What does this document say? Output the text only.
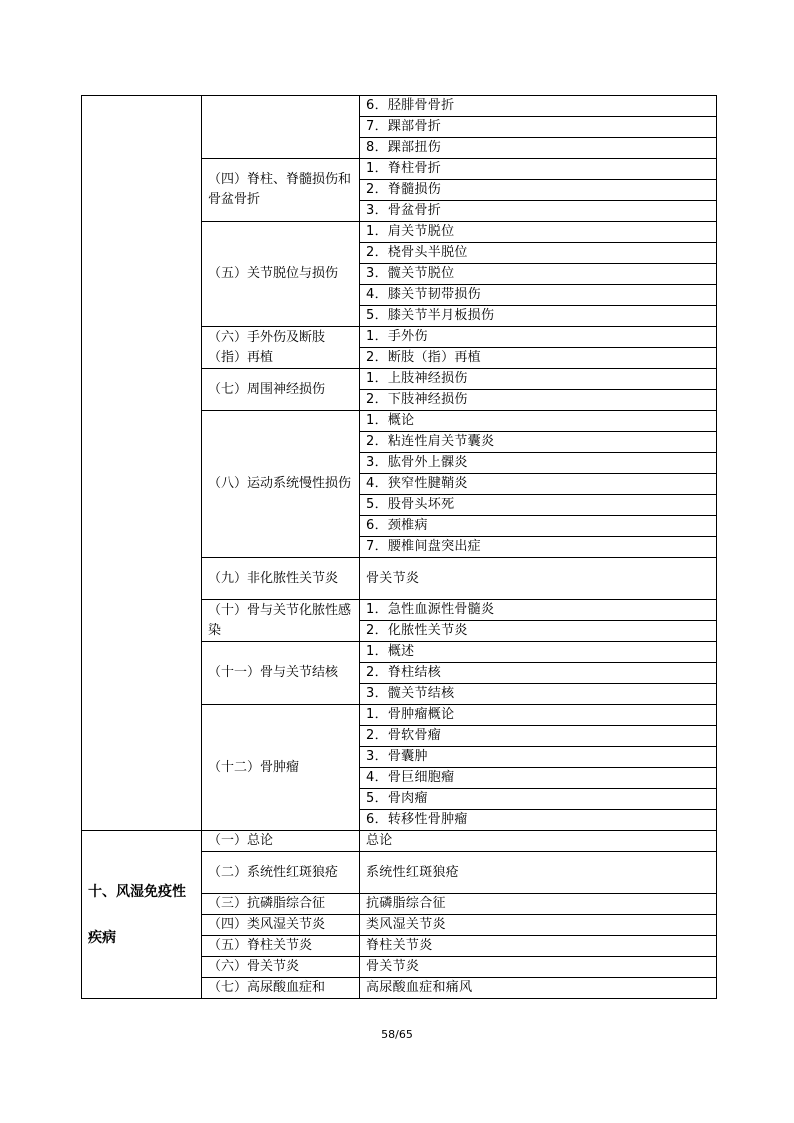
		6．胫腓骨骨折
		7．踝部骨折
		8．踝部扭伤
	（四）脊柱、脊髓损伤和骨盆骨折	1．脊柱骨折
		2．脊髓损伤
		3．骨盆骨折
	（五）关节脱位与损伤	1．肩关节脱位
		2．桡骨头半脱位
		3．髋关节脱位
		4．膝关节韧带损伤
		5．膝关节半月板损伤
	（六）手外伤及断肢（指）再植	1．手外伤
		2．断肢（指）再植
	（七）周围神经损伤	1．上肢神经损伤
		2．下肢神经损伤
	（八）运动系统慢性损伤	1．概论
		2．粘连性肩关节囊炎
		3．肱骨外上髁炎
		4．狭窄性腱鞘炎
		5．股骨头坏死
		6．颈椎病
		7．腰椎间盘突出症
	（九）非化脓性关节炎	骨关节炎
	（十）骨与关节化脓性感染	1．急性血源性骨髓炎
		2．化脓性关节炎
	（十一）骨与关节结核	1．概述
		2．脊柱结核
		3．髋关节结核
	（十二）骨肿瘤	1．骨肿瘤概论
		2．骨软骨瘤
		3．骨囊肿
		4．骨巨细胞瘤
		5．骨肉瘤
		6．转移性骨肿瘤
十、风湿免疫性疾病	（一）总论	总论
	（二）系统性红斑狼疮	系统性红斑狼疮
	（三）抗磷脂综合征	抗磷脂综合征
	（四）类风湿关节炎	类风湿关节炎
	（五）脊柱关节炎	脊柱关节炎
	（六）骨关节炎	骨关节炎
	（七）高尿酸血症和	高尿酸血症和痛风
58/65
